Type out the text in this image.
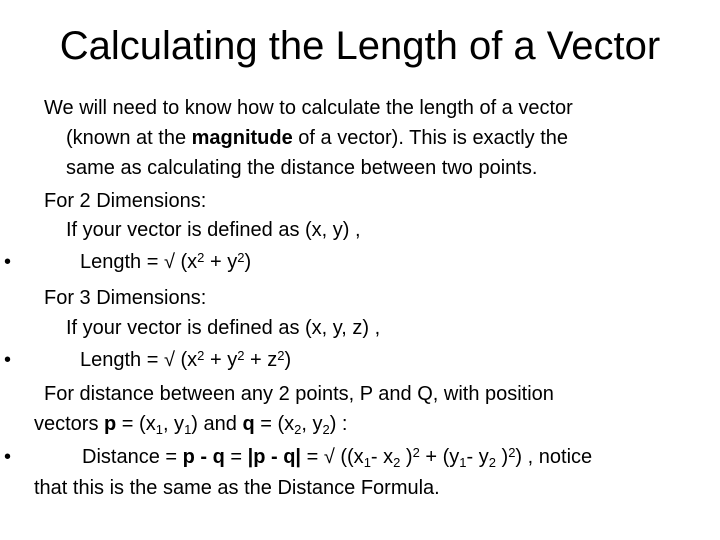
Calculating the Length of a Vector
We will need to know how to calculate the length of a vector
(known at the magnitude of a vector). This is exactly the
same as calculating the distance between two points.
For 2 Dimensions:
If your vector is defined as (x, y) ,
•	Length = √ $(x^2 + y^2)$
For 3 Dimensions:
If your vector is defined as (x, y, z) ,
•	Length = √ $(x^2 + y^2 + z^2)$
For distance between any 2 points, P and Q, with position
vectors $p = (x_1$, $y_1$) and $q = (x_2$, $y_2$) :
•	Distance = p - q = |p - q| = √ (($x_1-$ $x_2$ )$^2 + (y_1-$ $y_2$ )$^2$) , notice
that this is the same as the Distance Formula.
